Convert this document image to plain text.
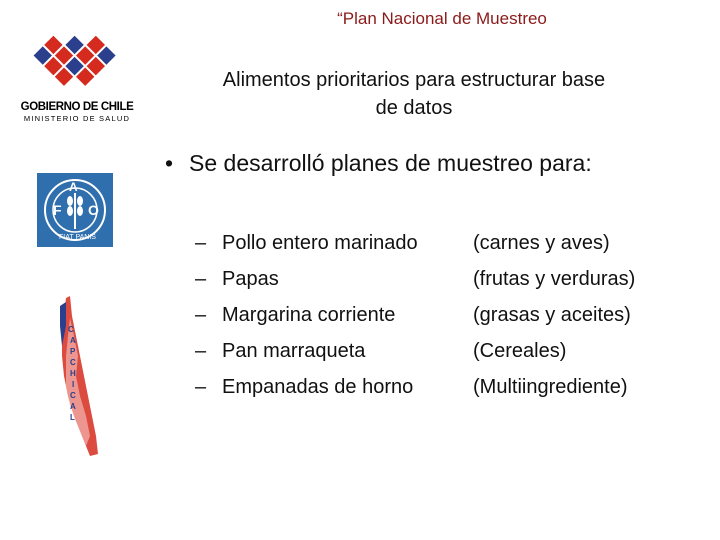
“Plan Nacional de Muestreo
GOBIERNO DE CHILE
MINISTERIO DE SALUD
F
A
O
FIAT PANIS
C
A
P
C
H
I
C
A
L
Alimentos prioritarios para estructurar base
de datos
• Se desarrolló planes de muestreo para:
– Pollo entero marinado	(carnes y aves)
– Papas	(frutas y verduras)
– Margarina corriente	(grasas y aceites)
– Pan marraqueta	(Cereales)
– Empanadas de horno	(Multiingrediente)
